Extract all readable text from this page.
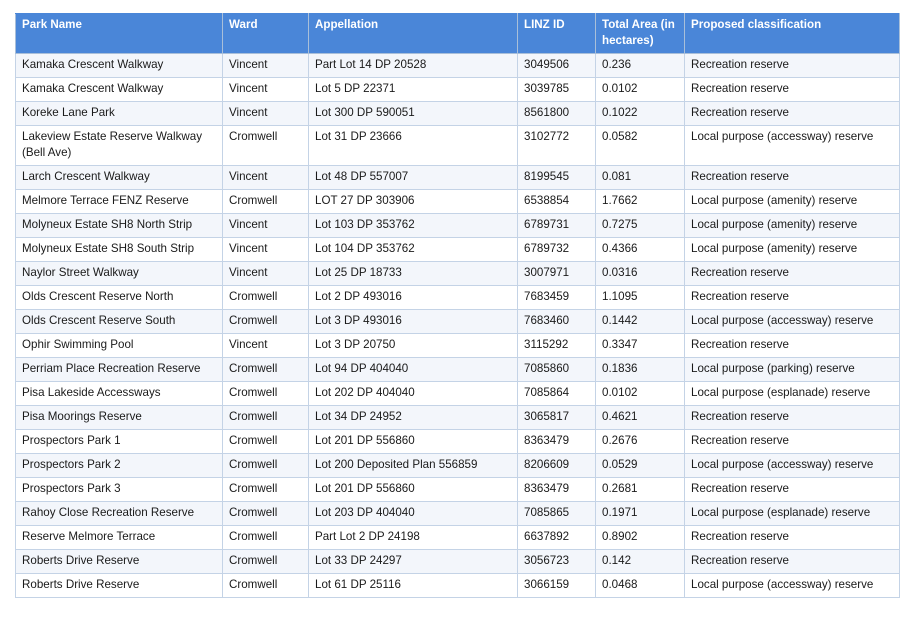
Park Name	Ward	Appellation	LINZ ID	Total Area (in hectares)	Proposed classification
Kamaka Crescent Walkway	Vincent	Part Lot 14 DP 20528	3049506	0.236	Recreation reserve
Kamaka Crescent Walkway	Vincent	Lot 5 DP 22371	3039785	0.0102	Recreation reserve
Koreke Lane Park	Vincent	Lot 300 DP 590051	8561800	0.1022	Recreation reserve
Lakeview Estate Reserve Walkway (Bell Ave)	Cromwell	Lot 31 DP 23666	3102772	0.0582	Local purpose (accessway) reserve
Larch Crescent Walkway	Vincent	Lot 48 DP 557007	8199545	0.081	Recreation reserve
Melmore Terrace FENZ Reserve	Cromwell	LOT 27 DP 303906	6538854	1.7662	Local purpose (amenity) reserve
Molyneux Estate SH8 North Strip	Vincent	Lot 103 DP 353762	6789731	0.7275	Local purpose (amenity) reserve
Molyneux Estate SH8 South Strip	Vincent	Lot 104 DP 353762	6789732	0.4366	Local purpose (amenity) reserve
Naylor Street Walkway	Vincent	Lot 25 DP 18733	3007971	0.0316	Recreation reserve
Olds Crescent Reserve North	Cromwell	Lot 2 DP 493016	7683459	1.1095	Recreation reserve
Olds Crescent Reserve South	Cromwell	Lot 3 DP 493016	7683460	0.1442	Local purpose (accessway) reserve
Ophir Swimming Pool	Vincent	Lot 3 DP 20750	3115292	0.3347	Recreation reserve
Perriam Place Recreation Reserve	Cromwell	Lot 94 DP 404040	7085860	0.1836	Local purpose (parking) reserve
Pisa Lakeside Accessways	Cromwell	Lot 202 DP 404040	7085864	0.0102	Local purpose (esplanade) reserve
Pisa Moorings Reserve	Cromwell	Lot 34 DP 24952	3065817	0.4621	Recreation reserve
Prospectors Park 1	Cromwell	Lot 201 DP 556860	8363479	0.2676	Recreation reserve
Prospectors Park 2	Cromwell	Lot 200 Deposited Plan 556859	8206609	0.0529	Local purpose (accessway) reserve
Prospectors Park 3	Cromwell	Lot 201 DP 556860	8363479	0.2681	Recreation reserve
Rahoy Close Recreation Reserve	Cromwell	Lot 203 DP 404040	7085865	0.1971	Local purpose (esplanade) reserve
Reserve Melmore Terrace	Cromwell	Part Lot 2 DP 24198	6637892	0.8902	Recreation reserve
Roberts Drive Reserve	Cromwell	Lot 33 DP 24297	3056723	0.142	Recreation reserve
Roberts Drive Reserve	Cromwell	Lot 61 DP 25116	3066159	0.0468	Local purpose (accessway) reserve
